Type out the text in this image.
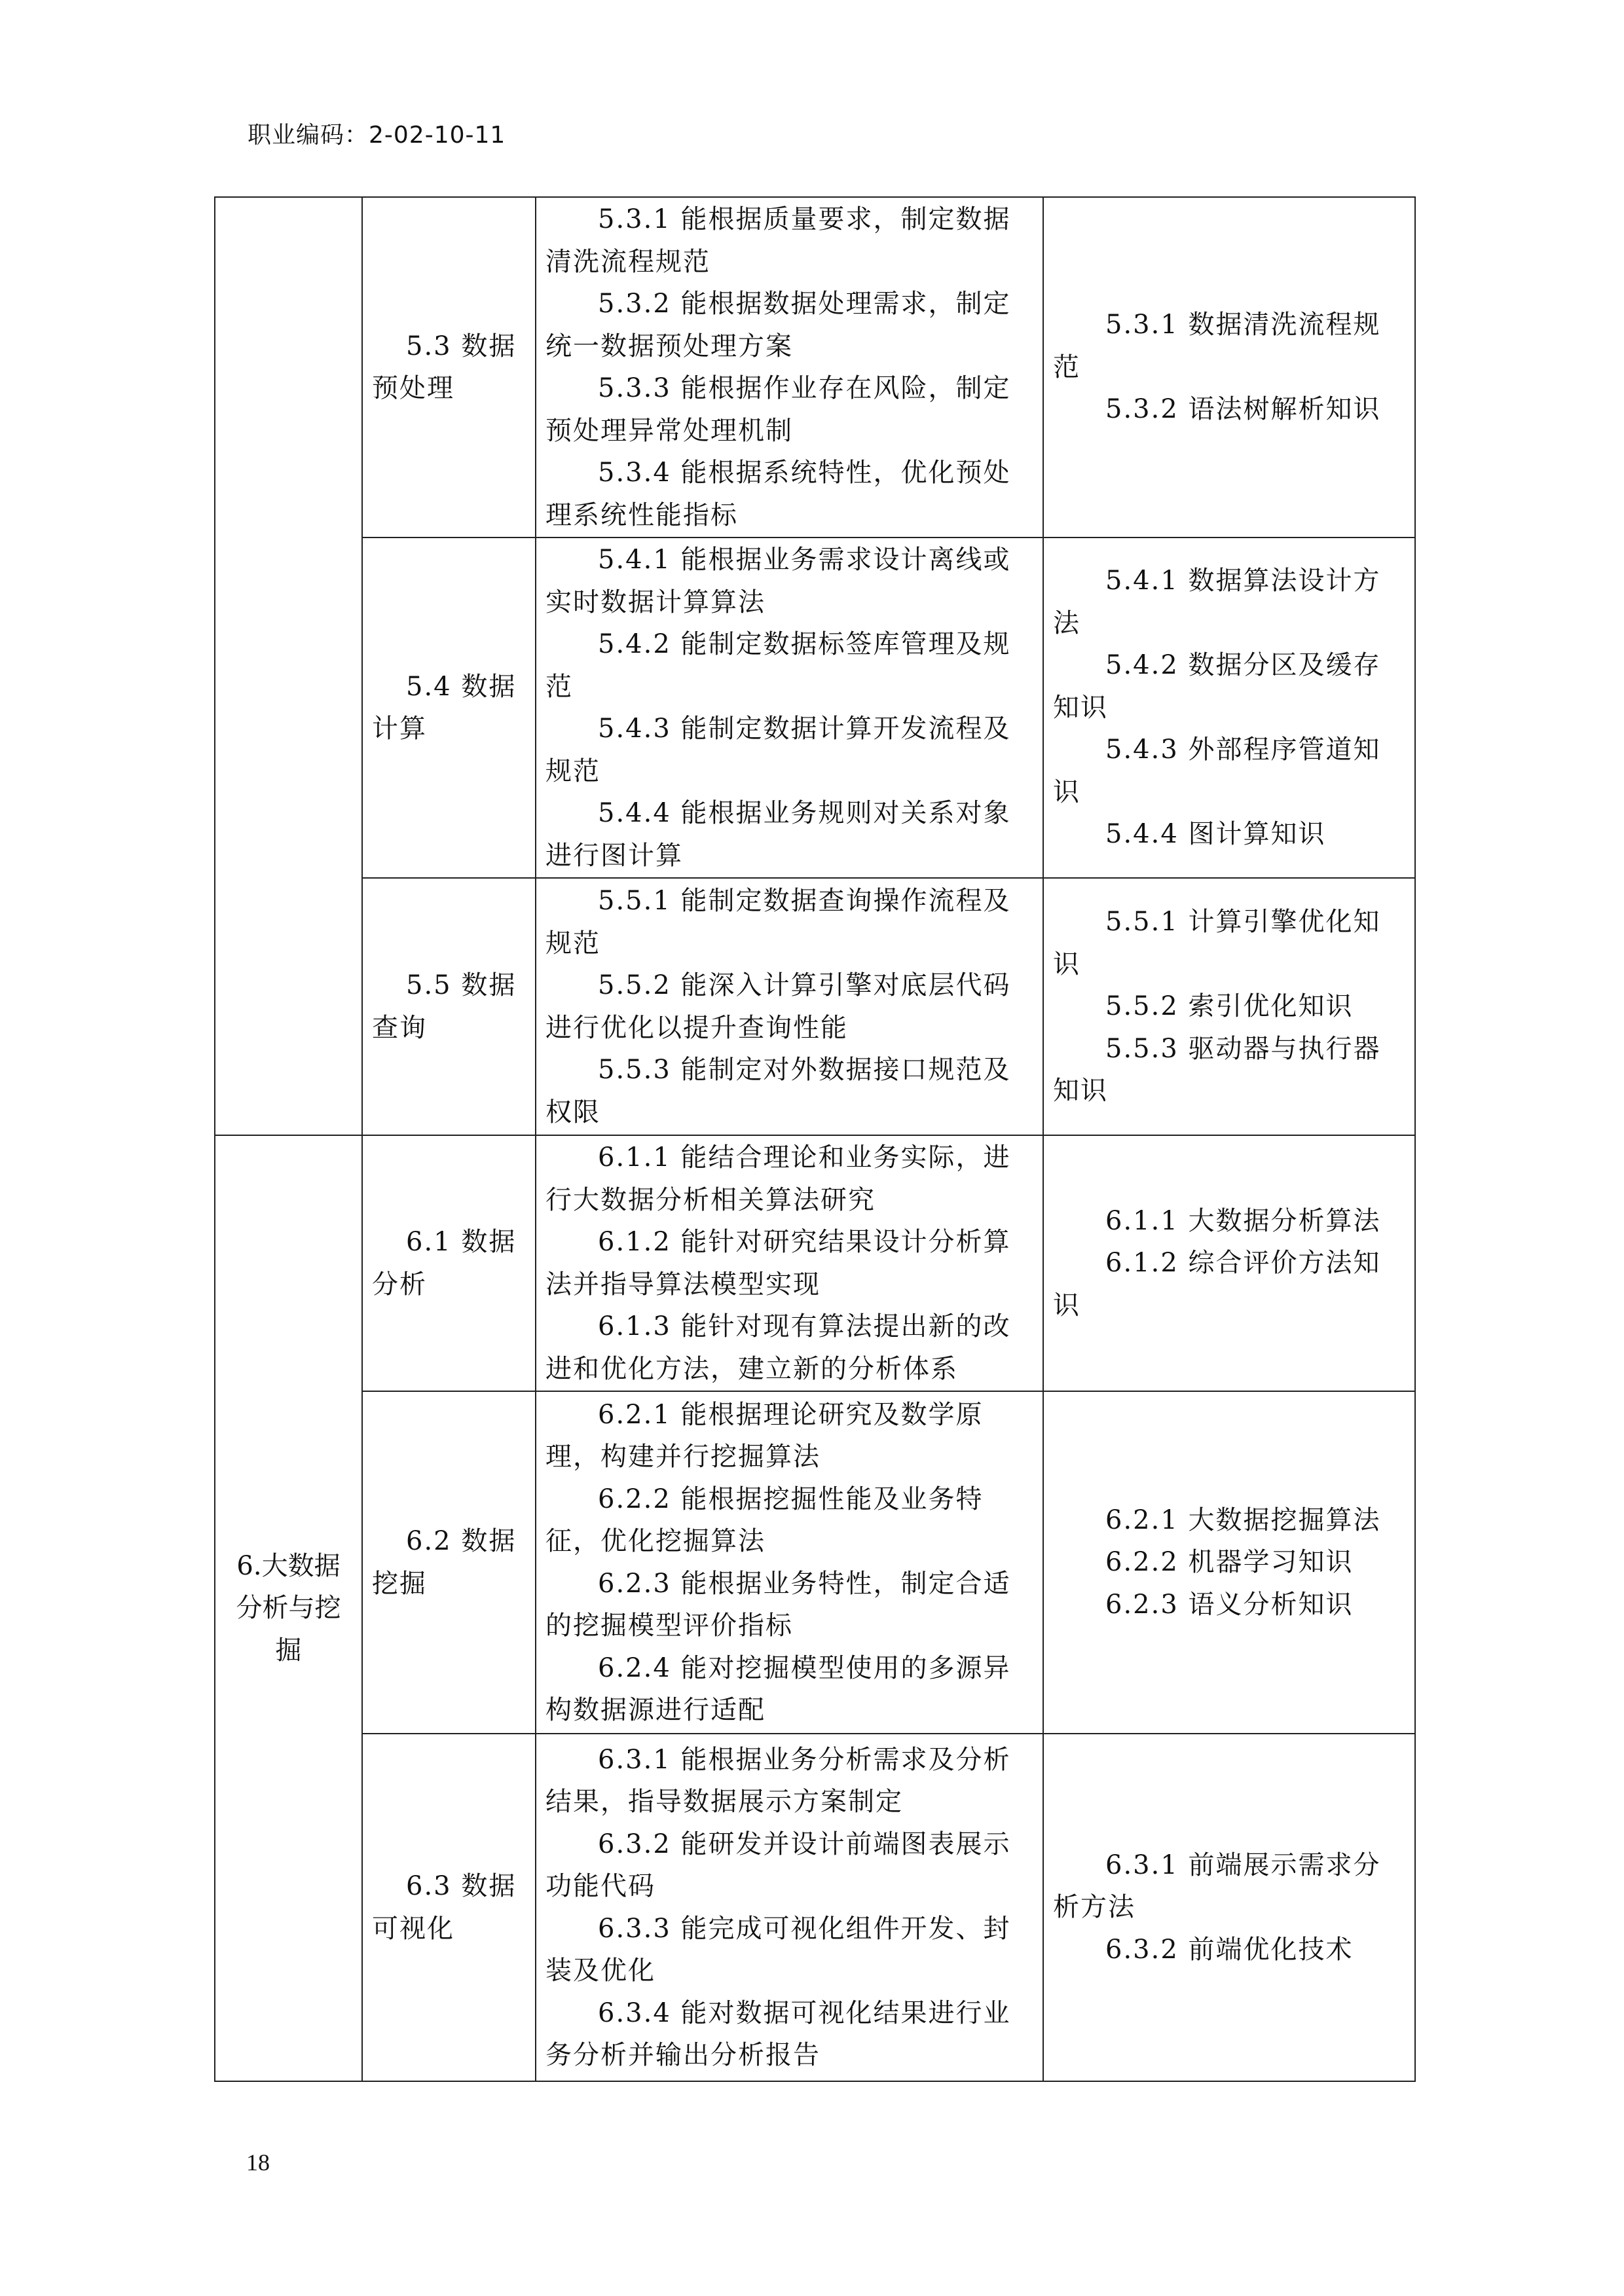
职业编码：2-02-10-11
	5.3 数据预处理	5.3.1 能根据质量要求，制定数据清洗流程规范
5.3.2 能根据数据处理需求，制定统一数据预处理方案
5.3.3 能根据作业存在风险，制定预处理异常处理机制
5.3.4 能根据系统特性，优化预处理系统性能指标	5.3.1 数据清洗流程规范
5.3.2 语法树解析知识

	5.4 数据计算	5.4.1 能根据业务需求设计离线或实时数据计算算法
5.4.2 能制定数据标签库管理及规范
5.4.3 能制定数据计算开发流程及规范
5.4.4 能根据业务规则对关系对象进行图计算	5.4.1 数据算法设计方法
5.4.2 数据分区及缓存知识
5.4.3 外部程序管道知识
5.4.4 图计算知识

	5.5 数据查询	5.5.1 能制定数据查询操作流程及规范
5.5.2 能深入计算引擎对底层代码进行优化以提升查询性能
5.5.3 能制定对外数据接口规范及权限	5.5.1 计算引擎优化知识
5.5.2 索引优化知识
5.5.3 驱动器与执行器知识

6.大数据分析与挖掘	6.1 数据分析	6.1.1 能结合理论和业务实际，进行大数据分析相关算法研究
6.1.2 能针对研究结果设计分析算法并指导算法模型实现
6.1.3 能针对现有算法提出新的改进和优化方法，建立新的分析体系	6.1.1 大数据分析算法
6.1.2 综合评价方法知识

	6.2 数据挖掘	6.2.1 能根据理论研究及数学原理，构建并行挖掘算法
6.2.2 能根据挖掘性能及业务特征，优化挖掘算法
6.2.3 能根据业务特性，制定合适的挖掘模型评价指标
6.2.4 能对挖掘模型使用的多源异构数据源进行适配	6.2.1 大数据挖掘算法
6.2.2 机器学习知识
6.2.3 语义分析知识

	6.3 数据可视化	6.3.1 能根据业务分析需求及分析结果，指导数据展示方案制定
6.3.2 能研发并设计前端图表展示功能代码
6.3.3 能完成可视化组件开发、封装及优化
6.3.4 能对数据可视化结果进行业务分析并输出分析报告	6.3.1 前端展示需求分析方法
6.3.2 前端优化技术
18
